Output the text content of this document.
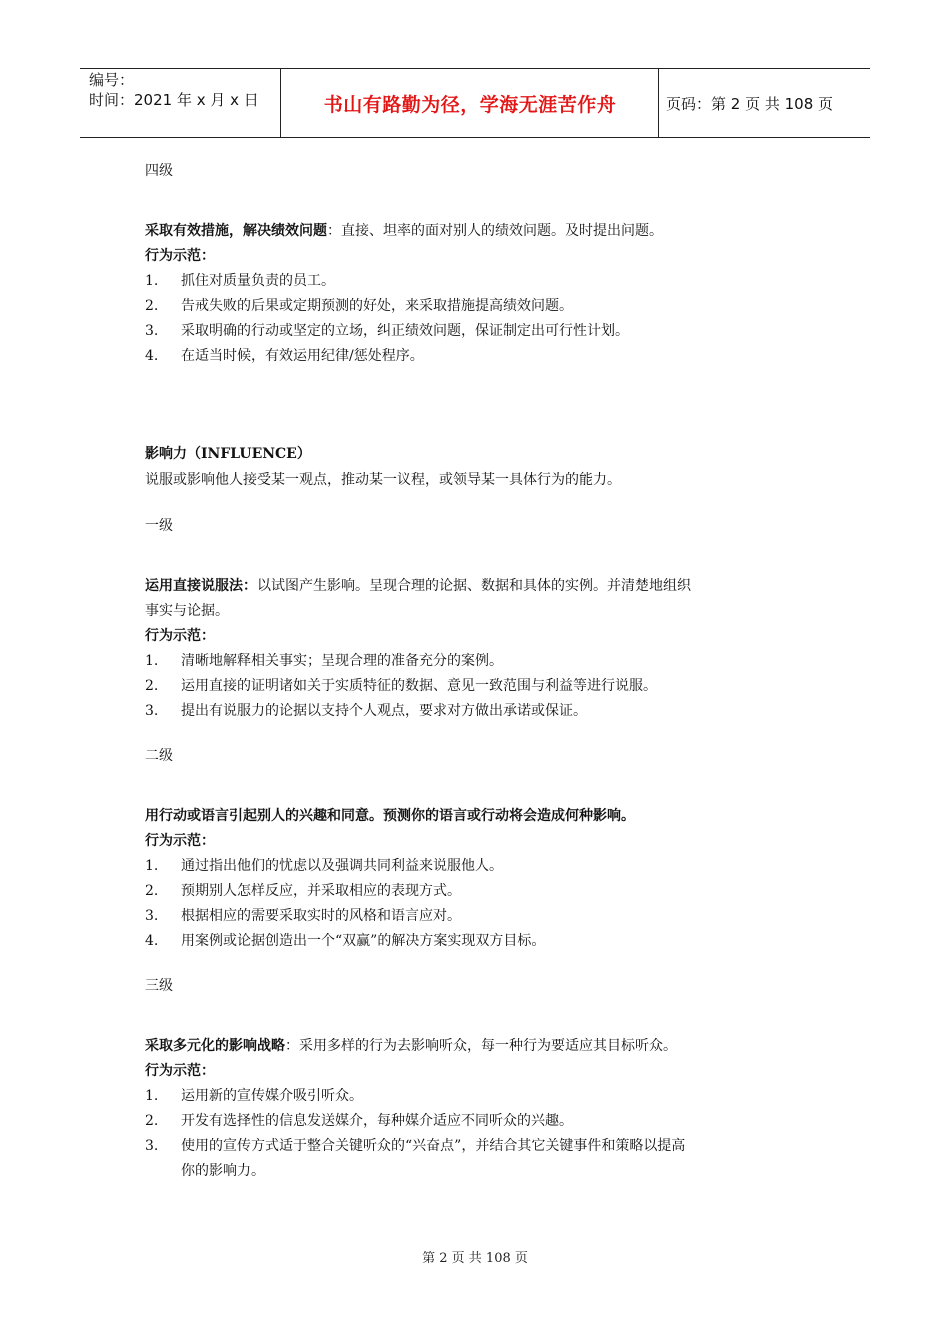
编号：
时间：2021 年 x 月 x 日	书山有路勤为径，学海无涯苦作舟	页码：第 2 页 共 108 页
四级
采取有效措施，解决绩效问题：直接、坦率的面对别人的绩效问题。及时提出问题。
行为示范：
1. 抓住对质量负责的员工。
2. 告戒失败的后果或定期预测的好处，来采取措施提高绩效问题。
3. 采取明确的行动或坚定的立场，纠正绩效问题，保证制定出可行性计划。
4. 在适当时候，有效运用纪律/惩处程序。
影响力（INFLUENCE）
说服或影响他人接受某一观点，推动某一议程，或领导某一具体行为的能力。
一级
运用直接说服法：以试图产生影响。呈现合理的论据、数据和具体的实例。并清楚地组织
事实与论据。
行为示范：
1. 清晰地解释相关事实；呈现合理的准备充分的案例。
2. 运用直接的证明诸如关于实质特征的数据、意见一致范围与利益等进行说服。
3. 提出有说服力的论据以支持个人观点，要求对方做出承诺或保证。
二级
用行动或语言引起别人的兴趣和同意。预测你的语言或行动将会造成何种影响。
行为示范：
1. 通过指出他们的忧虑以及强调共同利益来说服他人。
2. 预期别人怎样反应，并采取相应的表现方式。
3. 根据相应的需要采取实时的风格和语言应对。
4. 用案例或论据创造出一个“双赢”的解决方案实现双方目标。
三级
采取多元化的影响战略：采用多样的行为去影响听众，每一种行为要适应其目标听众。
行为示范：
1. 运用新的宣传媒介吸引听众。
2. 开发有选择性的信息发送媒介，每种媒介适应不同听众的兴趣。
3. 使用的宣传方式适于整合关键听众的“兴奋点”，并结合其它关键事件和策略以提高
你的影响力。
第 2 页 共 108 页
